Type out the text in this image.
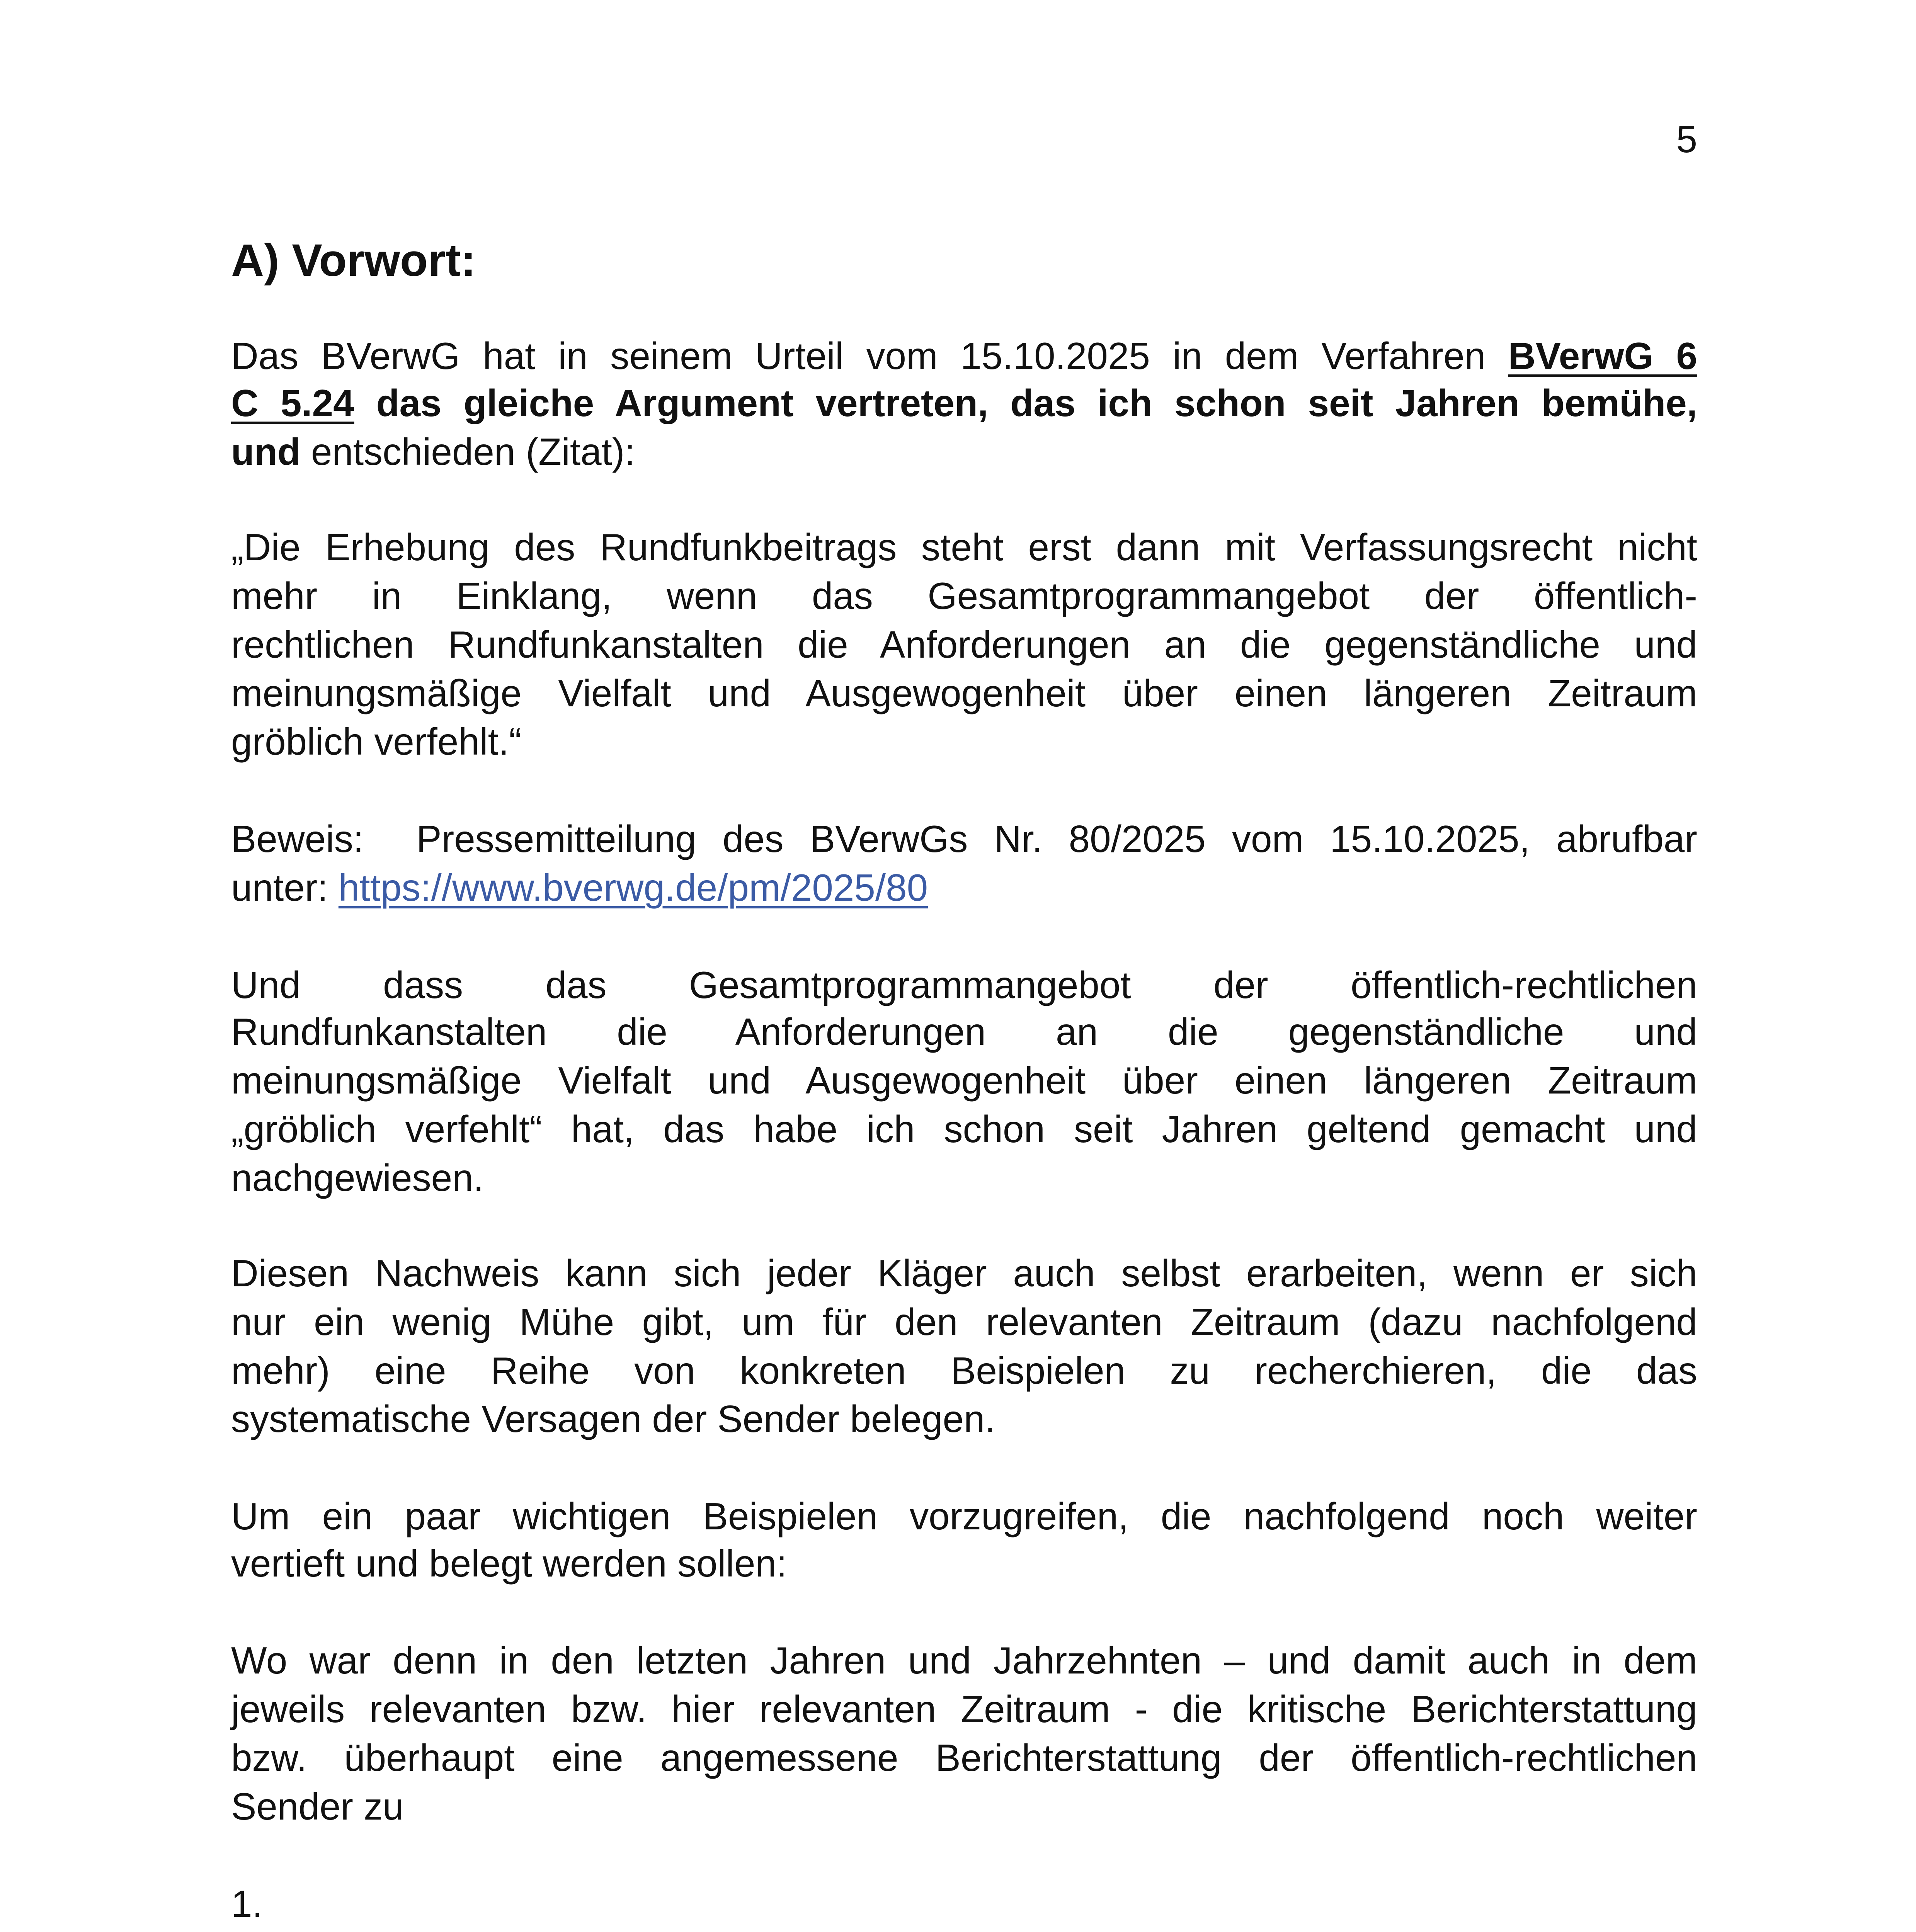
5
A) Vorwort:
Das BVerwG hat in seinem Urteil vom 15.10.2025 in dem Verfahren BVerwG 6
C 5.24 das gleiche Argument vertreten, das ich schon seit Jahren bemühe,
und entschieden (Zitat):
„Die Erhebung des Rundfunkbeitrags steht erst dann mit Verfassungsrecht nicht
mehr in Einklang, wenn das Gesamtprogrammangebot der öffentlich-
rechtlichen Rundfunkanstalten die Anforderungen an die gegenständliche und
meinungsmäßige Vielfalt und Ausgewogenheit über einen längeren Zeitraum
gröblich verfehlt.“
Beweis:  Pressemitteilung des BVerwGs Nr. 80/2025 vom 15.10.2025, abrufbar
unter: https://www.bverwg.de/pm/2025/80
Und dass das Gesamtprogrammangebot der öffentlich-rechtlichen
Rundfunkanstalten die Anforderungen an die gegenständliche und
meinungsmäßige Vielfalt und Ausgewogenheit über einen längeren Zeitraum
„gröblich verfehlt“ hat, das habe ich schon seit Jahren geltend gemacht und
nachgewiesen.
Diesen Nachweis kann sich jeder Kläger auch selbst erarbeiten, wenn er sich
nur ein wenig Mühe gibt, um für den relevanten Zeitraum (dazu nachfolgend
mehr) eine Reihe von konkreten Beispielen zu recherchieren, die das
systematische Versagen der Sender belegen.
Um ein paar wichtigen Beispielen vorzugreifen, die nachfolgend noch weiter
vertieft und belegt werden sollen:
Wo war denn in den letzten Jahren und Jahrzehnten – und damit auch in dem
jeweils relevanten bzw. hier relevanten Zeitraum - die kritische Berichterstattung
bzw. überhaupt eine angemessene Berichterstattung der öffentlich-rechtlichen
Sender zu
1.
